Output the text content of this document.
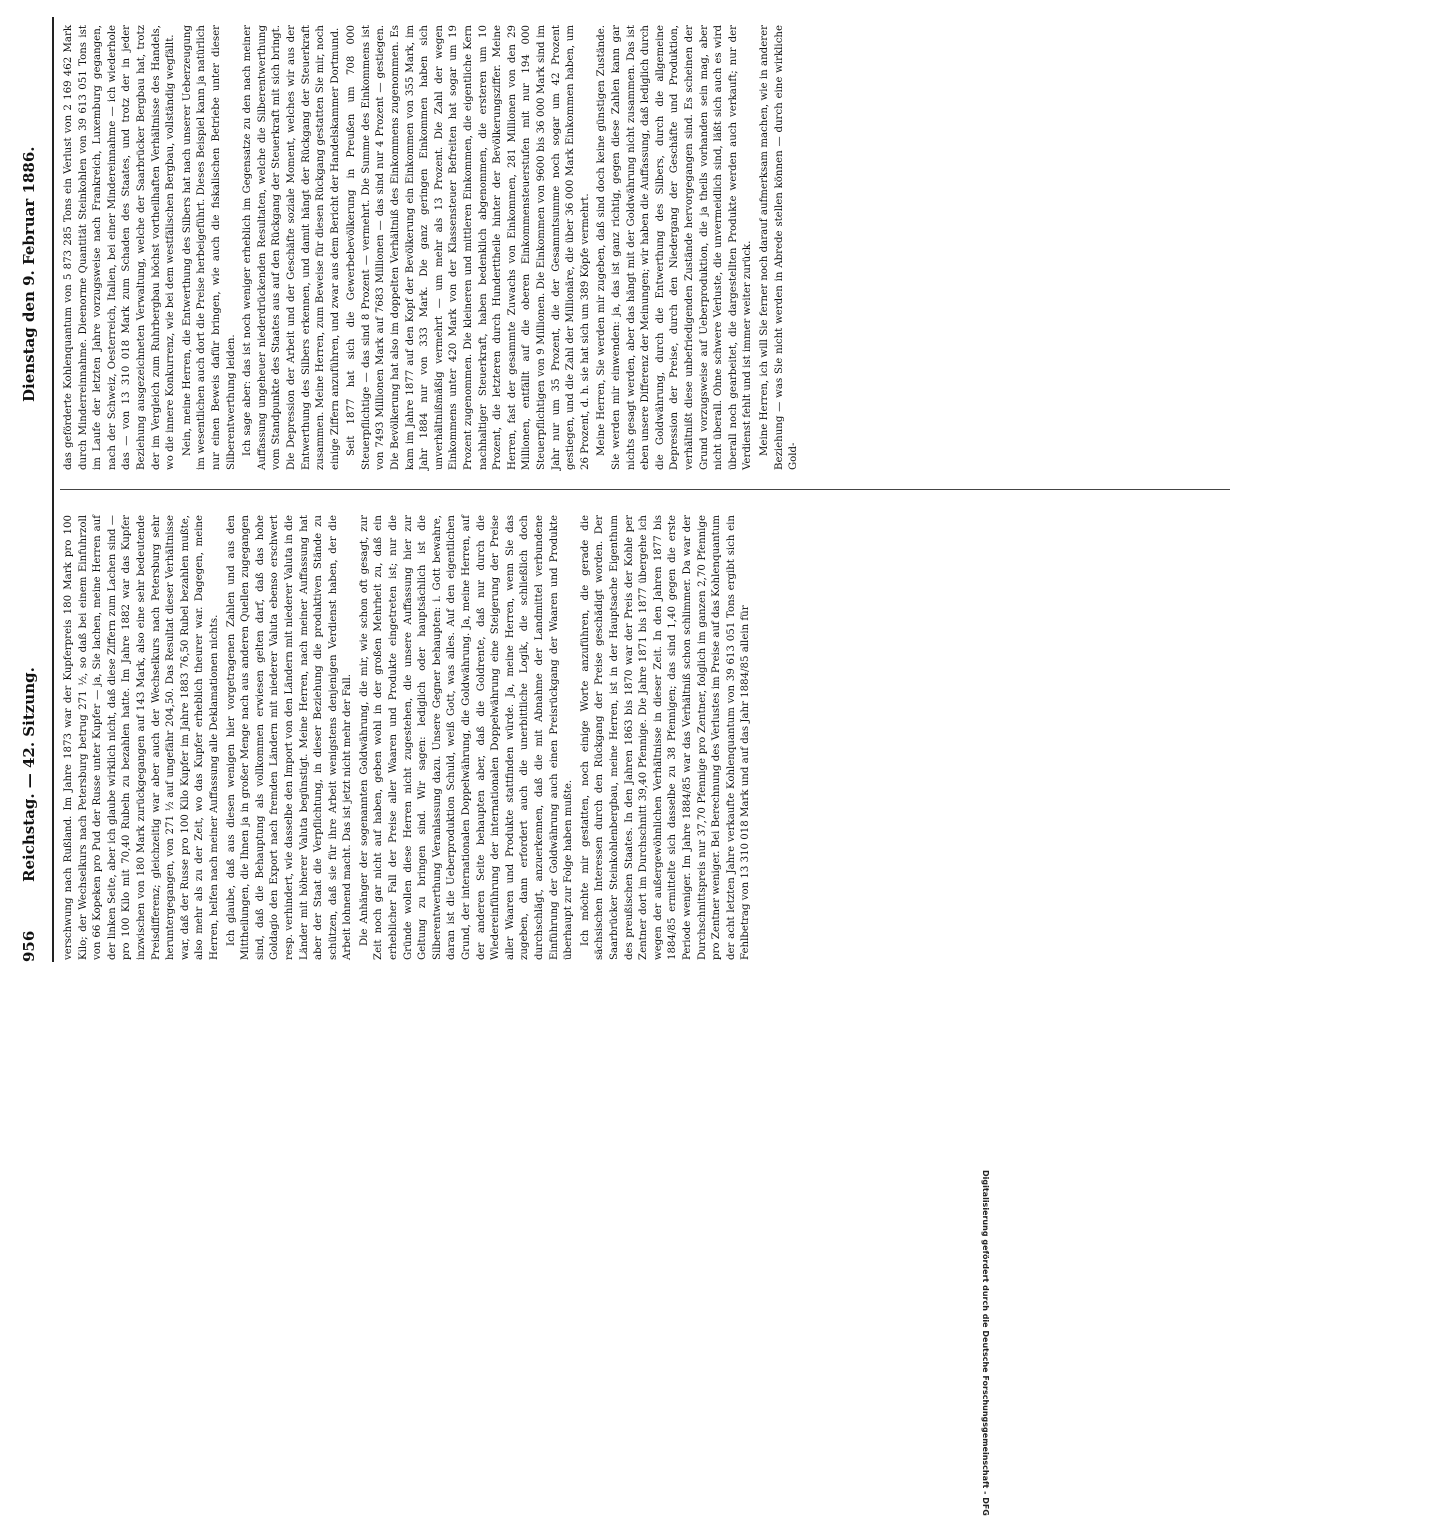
956
Reichstag. — 42. Sitzung.
Dienstag den 9. Februar 1886.

verschwung nach Rußland. Im Jahre 1873 war der Kupferpreis 180 Mark pro 100 Kilo; der Wechselkurs nach Petersburg betrug 271 ½, so daß bei einem Einfuhrzoll von 66 Kopeken pro Pud der Russe unter Kupfer — ja, Sie lachen, meine Herren auf der linken Seite, aber ich glaube wirklich nicht, daß diese Ziffern zum Lachen sind — pro 100 Kilo mit 70,40 Rubeln zu bezahlen hatte. Im Jahre 1882 war das Kupfer inzwischen von 180 Mark zurückgegangen auf 143 Mark, also eine sehr bedeutende Preisdifferenz; gleichzeitig war aber auch der Wechselkurs nach Petersburg sehr heruntergegangen, von 271 ½ auf ungefähr 204,50. Das Resultat dieser Verhältnisse war, daß der Russe pro 100 Kilo Kupfer im Jahre 1883 76,50 Rubel bezahlen mußte, also mehr als zu der Zeit, wo das Kupfer erheblich theurer war. Dagegen, meine Herren, helfen nach meiner Auffassung alle Deklamationen nichts. Ich glaube, daß aus diesen wenigen hier vorgetragenen Zahlen und aus den Mittheilungen, die Ihnen ja in großer Menge nach aus anderen Quellen zugegangen sind, daß die Behauptung als vollkommen erwiesen gelten darf, daß das hohe Goldagio den Export nach fremden Ländern mit niederer Valuta ebenso erschwert resp. verhindert, wie dasselbe den Import von den Ländern mit niederer Valuta in die Länder mit höherer Valuta begünstigt. Meine Herren, nach meiner Auffassung hat aber der Staat die Verpflichtung, in dieser Beziehung die produktiven Stände zu schützen, daß sie für ihre Arbeit wenigstens denjenigen Verdienst haben, der die Arbeit lohnend macht. Das ist jetzt nicht mehr der Fall. Die Anhänger der sogenannten Goldwährung, die mir, wie schon oft gesagt, zur Zeit noch gar nicht auf haben, geben wohl in der großen Mehrheit zu, daß ein erheblicher Fall der Preise aller Waaren und Produkte eingetreten ist; nur die Gründe wollen diese Herren nicht zugestehen, die unsere Auffassung hier zur Geltung zu bringen sind. Wir sagen: lediglich oder hauptsächlich ist die Silberentwerthung Veranlassung dazu. Unsere Gegner behaupten: i. Gott bewahre, daran ist die Ueberproduktion Schuld, weiß Gott, was alles. Auf den eigentlichen Grund, der internationalen Doppelwährung, die Goldwährung. Ja, meine Herren, auf der anderen Seite behaupten aber, daß die Goldrente, daß nur durch die Wiedereinführung der internationalen Doppelwährung eine Steigerung der Preise aller Waaren und Produkte stattfinden würde. Ja, meine Herren, wenn Sie das zugeben, dann erfordert auch die unerbittliche Logik, die schließlich doch durchschlägt, anzuerkennen, daß die mit Abnahme der Landmittel verbundene Einführung der Goldwährung auch einen Preisrückgang der Waaren und Produkte überhaupt zur Folge haben mußte. Ich möchte mir gestatten, noch einige Worte anzuführen, die gerade die sächsischen Interessen durch den Rückgang der Preise geschädigt worden. Der Saarbrücker Steinkohlenbergbau, meine Herren, ist in der Hauptsache Eigenthum des preußischen Staates. In den Jahren 1863 bis 1870 war der Preis der Kohle per Zentner dort im Durchschnitt 39,40 Pfennige. Die Jahre 1871 bis 1877 übergehe ich wegen der außergewöhnlichen Verhältnisse in dieser Zeit. In den Jahren 1877 bis 1884/85 ermittelte sich dasselbe zu 38 Pfennigen; das sind 1,40 gegen die erste Periode weniger. Im Jahre 1884/85 war das Verhältniß schon schlimmer. Da war der Durchschnittspreis nur 37,70 Pfennige pro Zentner, folglich im ganzen 2,70 Pfennige pro Zentner weniger. Bei Berechnung des Verlustes im Preise auf das Kohlenquantum der acht letzten Jahre verkaufte Kohlenquantum von 39 613 051 Tons ergibt sich ein Fehlbetrag von 13 310 018 Mark und auf das Jahr 1884/85 allein für

das geförderte Kohlenquantum von 5 873 285 Tons ein Verlust von 2 169 462 Mark durch Minderreinnahme. Dieenorme Quantität Steinkohlen von 39 613 051 Tons ist im Laufe der letzten Jahre vorzugsweise nach Frankreich, Luxemburg gegangen, nach der Schweiz, Oesterreich, Italien, bei einer Mindereinnahme — ich wiederhole das — von 13 310 018 Mark zum Schaden des Staates, und trotz der in jeder Beziehung ausgezeichneten Verwaltung, welche der Saarbrücker Bergbau hat, trotz der im Vergleich zum Ruhrbergbau höchst vortheilhaften Verhältnisse des Handels, wo die innere Konkurrenz, wie bei dem westfälischen Bergbau, vollständig wegfällt. Nein, meine Herren, die Entwerthung des Silbers hat nach unserer Ueberzeugung im wesentlichen auch dort die Preise herbeigeführt. Dieses Beispiel kann ja natürlich nur einen Beweis dafür bringen, wie auch die fiskalischen Betriebe unter dieser Silberentwerthung leiden. Ich sage aber: das ist noch weniger erheblich im Gegensatze zu den nach meiner Auffassung ungeheuer niederdrückenden Resultaten, welche die Silberentwerthung vom Standpunkte des Staates aus auf den Rückgang der Steuerkraft mit sich bringt. Die Depression der Arbeit und der Geschäfte soziale Moment, welches wir aus der Entwerthung des Silbers erkennen, und damit hängt der Rückgang der Steuerkraft zusammen. Meine Herren, zum Beweise für diesen Rückgang gestatten Sie mir, noch einige Ziffern anzuführen, und zwar aus dem Bericht der Handelskammer Dortmund. Seit 1877 hat sich die Gewerbebevölkerung in Preußen um 708 000 Steuerpflichtige — das sind 8 Prozent — vermehrt. Die Summe des Einkommens ist von 7493 Millionen Mark auf 7683 Millionen — das sind nur 4 Prozent — gestiegen. Die Bevölkerung hat also im doppelten Verhältniß des Einkommens zugenommen. Es kam im Jahre 1877 auf den Kopf der Bevölkerung ein Einkommen von 355 Mark, im Jahr 1884 nur von 333 Mark. Die ganz geringen Einkommen haben sich unverhältnißmäßig vermehrt — um mehr als 13 Prozent. Die Zahl der wegen Einkommens unter 420 Mark von der Klassensteuer Befreiten hat sogar um 19 Prozent zugenommen. Die kleineren und mittleren Einkommen, die eigentliche Kern nachhaltiger Steuerkraft, haben bedenklich abgenommen, die ersteren um 10 Prozent, die letzteren durch Hunderttheile hinter der Bevölkerungsziffer. Meine Herren, fast der gesammte Zuwachs von Einkommen, 281 Millionen von den 29 Millionen, entfällt auf die oberen Einkommensteuerstufen mit nur 194 000 Steuerpflichtigen von 9 Millionen. Die Einkommen von 9600 bis 36 000 Mark sind im Jahr nur um 35 Prozent, die der Gesammtsumme noch sogar um 42 Prozent gestiegen, und die Zahl der Millionäre, die über 36 000 Mark Einkommen haben, um 26 Prozent, d. h. sie hat sich um 389 Köpfe vermehrt. Meine Herren, Sie werden mir zugeben, daß sind doch keine günstigen Zustände. Sie werden mir einwenden: ja, das ist ganz richtig, gegen diese Zahlen kann gar nichts gesagt werden, aber das hängt mit der Goldwährung nicht zusammen. Das ist eben unsere Differenz der Meinungen; wir haben die Auffassung, daß lediglich durch die Goldwährung, durch die Entwerthung des Silbers, durch die allgemeine Depression der Preise, durch den Niedergang der Geschäfte und Produktion, verhältnißt diese unbefriedigenden Zustände hervorgegangen sind. Es scheinen der Grund vorzugsweise auf Ueberproduktion, die ja theils vorhanden sein mag, aber nicht überall. Ohne schwere Verluste, die unvermeidlich sind, läßt sich auch es wird überall noch gearbeitet, die dargestellten Produkte werden auch verkauft; nur der Verdienst fehlt und ist immer weiter zurück. Meine Herren, ich will Sie ferner noch darauf aufmerksam machen, wie in anderer Beziehung — was Sie nicht werden in Abrede stellen können — durch eine wirkliche Gold-

Digitalisierung gefördert durch die Deutsche Forschungsgemeinschaft - DFG
